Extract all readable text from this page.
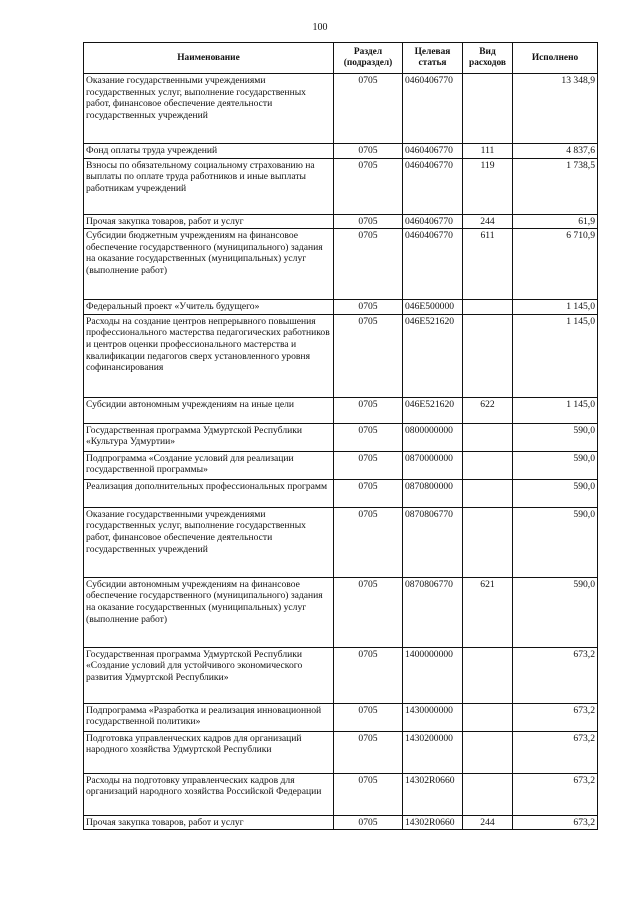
100
Наименование	Раздел (подраздел)	Целевая статья	Вид расходов	Исполнено
Оказание государственными учреждениями государственных услуг, выполнение государственных работ, финансовое обеспечение деятельности государственных учреждений	0705	0460406770		13 348,9
Фонд оплаты труда учреждений	0705	0460406770	111	4 837,6
Взносы по обязательному социальному страхованию на выплаты по оплате труда работников и иные выплаты работникам учреждений	0705	0460406770	119	1 738,5
Прочая закупка товаров, работ и услуг	0705	0460406770	244	61,9
Субсидии бюджетным учреждениям на финансовое обеспечение государственного (муниципального) задания на оказание государственных (муниципальных) услуг (выполнение работ)	0705	0460406770	611	6 710,9
Федеральный проект «Учитель будущего»	0705	046Е500000		1 145,0
Расходы на создание центров непрерывного повышения профессионального мастерства педагогических работников и центров оценки профессионального мастерства и квалификации педагогов сверх установленного уровня софинансирования	0705	046Е521620		1 145,0
Субсидии автономным учреждениям на иные цели	0705	046Е521620	622	1 145,0
Государственная программа Удмуртской Республики «Культура Удмуртии»	0705	0800000000		590,0
Подпрограмма «Создание условий для реализации государственной программы»	0705	0870000000		590,0
Реализация дополнительных профессиональных программ	0705	0870800000		590,0
Оказание государственными учреждениями государственных услуг, выполнение государственных работ, финансовое обеспечение деятельности государственных учреждений	0705	0870806770		590,0
Субсидии автономным учреждениям на финансовое обеспечение государственного (муниципального) задания на оказание государственных (муниципальных) услуг (выполнение работ)	0705	0870806770	621	590,0
Государственная программа Удмуртской Республики «Создание условий для устойчивого экономического развития Удмуртской Республики»	0705	1400000000		673,2
Подпрограмма «Разработка и реализация инновационной государственной политики»	0705	1430000000		673,2
Подготовка управленческих кадров для организаций народного хозяйства Удмуртской Республики	0705	1430200000		673,2
Расходы на подготовку управленческих кадров для организаций народного хозяйства Российской Федерации	0705	14302R0660		673,2
Прочая закупка товаров, работ и услуг	0705	14302R0660	244	673,2
